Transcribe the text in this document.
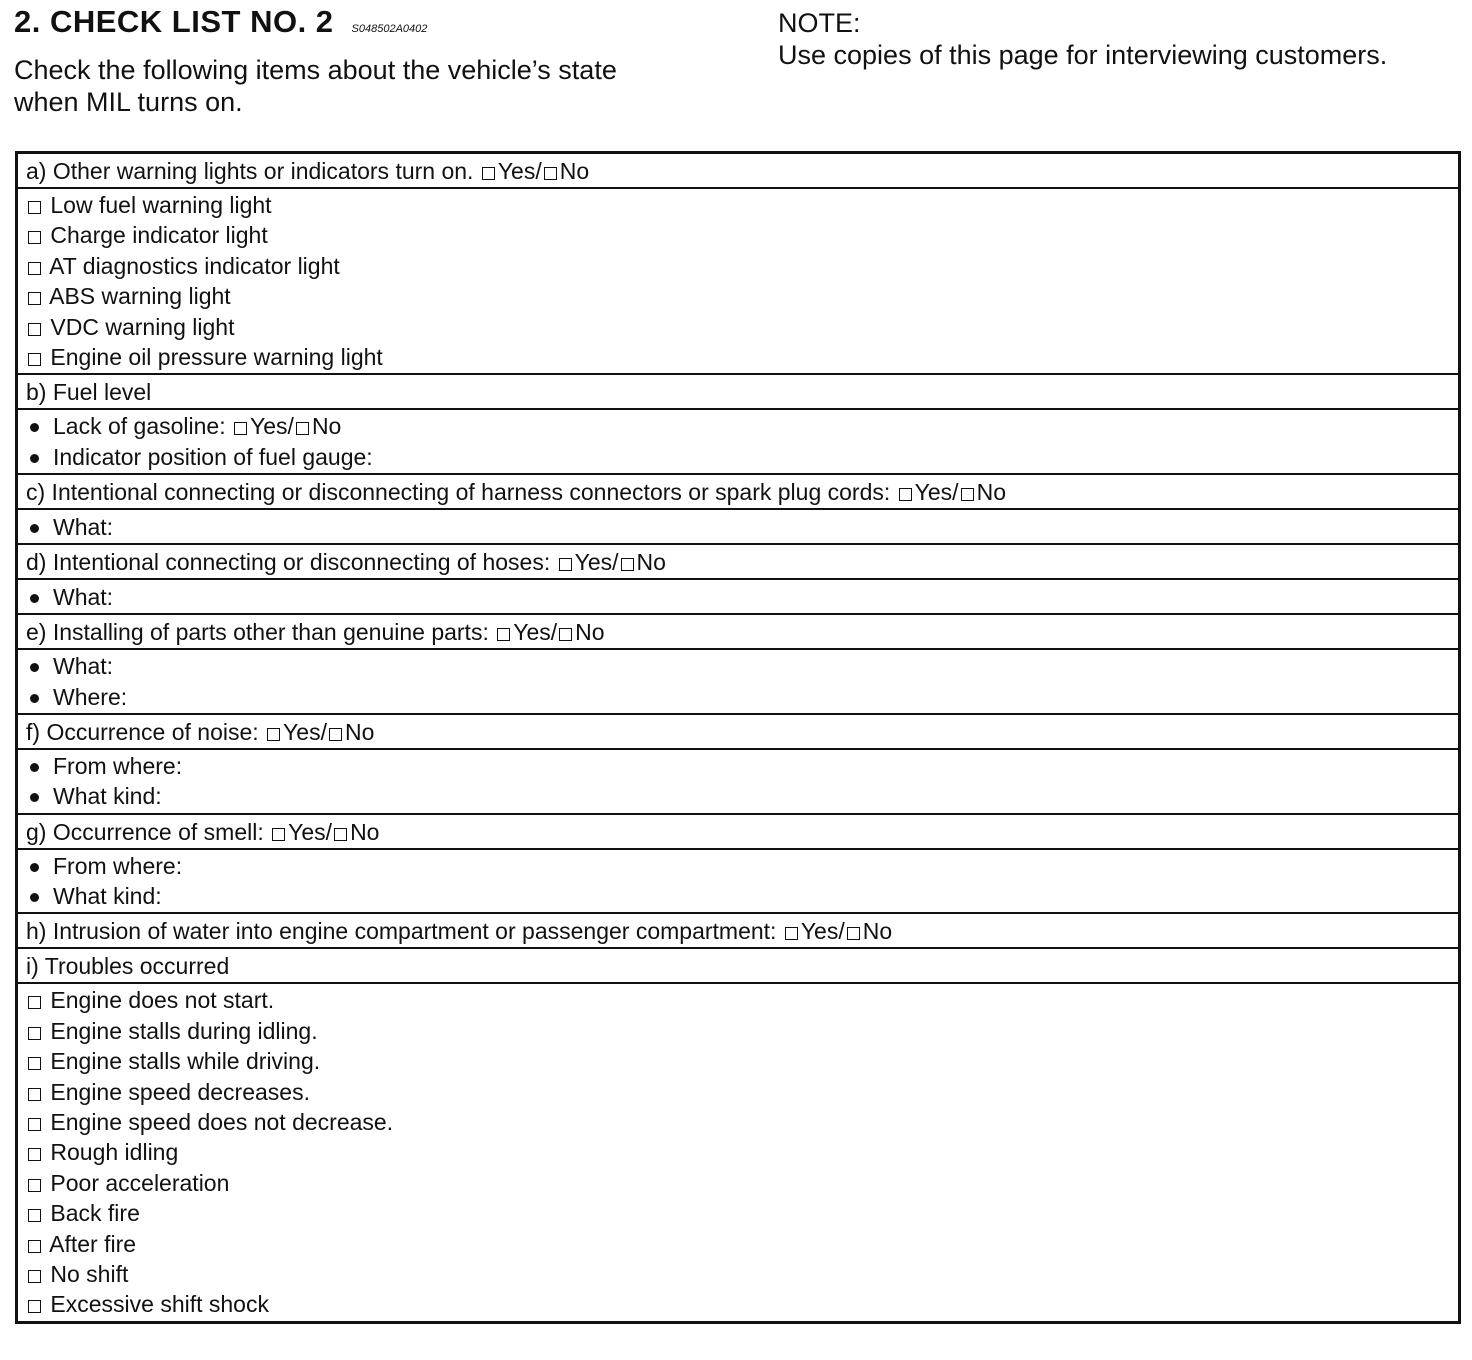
2. CHECK LIST NO. 2 S048502A0402
Check the following items about the vehicle’s state
when MIL turns on.
NOTE:
Use copies of this page for interviewing customers.
a) Other warning lights or indicators turn on. Yes/ No
Low fuel warning light
Charge indicator light
AT diagnostics indicator light
ABS warning light
VDC warning light
Engine oil pressure warning light
b) Fuel level
Lack of gasoline: Yes/ No
Indicator position of fuel gauge:
c) Intentional connecting or disconnecting of harness connectors or spark plug cords: Yes/ No
What:
d) Intentional connecting or disconnecting of hoses: Yes/ No
What:
e) Installing of parts other than genuine parts: Yes/ No
What:
Where:
f) Occurrence of noise: Yes/ No
From where:
What kind:
g) Occurrence of smell: Yes/ No
From where:
What kind:
h) Intrusion of water into engine compartment or passenger compartment: Yes/ No
i) Troubles occurred
Engine does not start.
Engine stalls during idling.
Engine stalls while driving.
Engine speed decreases.
Engine speed does not decrease.
Rough idling
Poor acceleration
Back fire
After fire
No shift
Excessive shift shock
